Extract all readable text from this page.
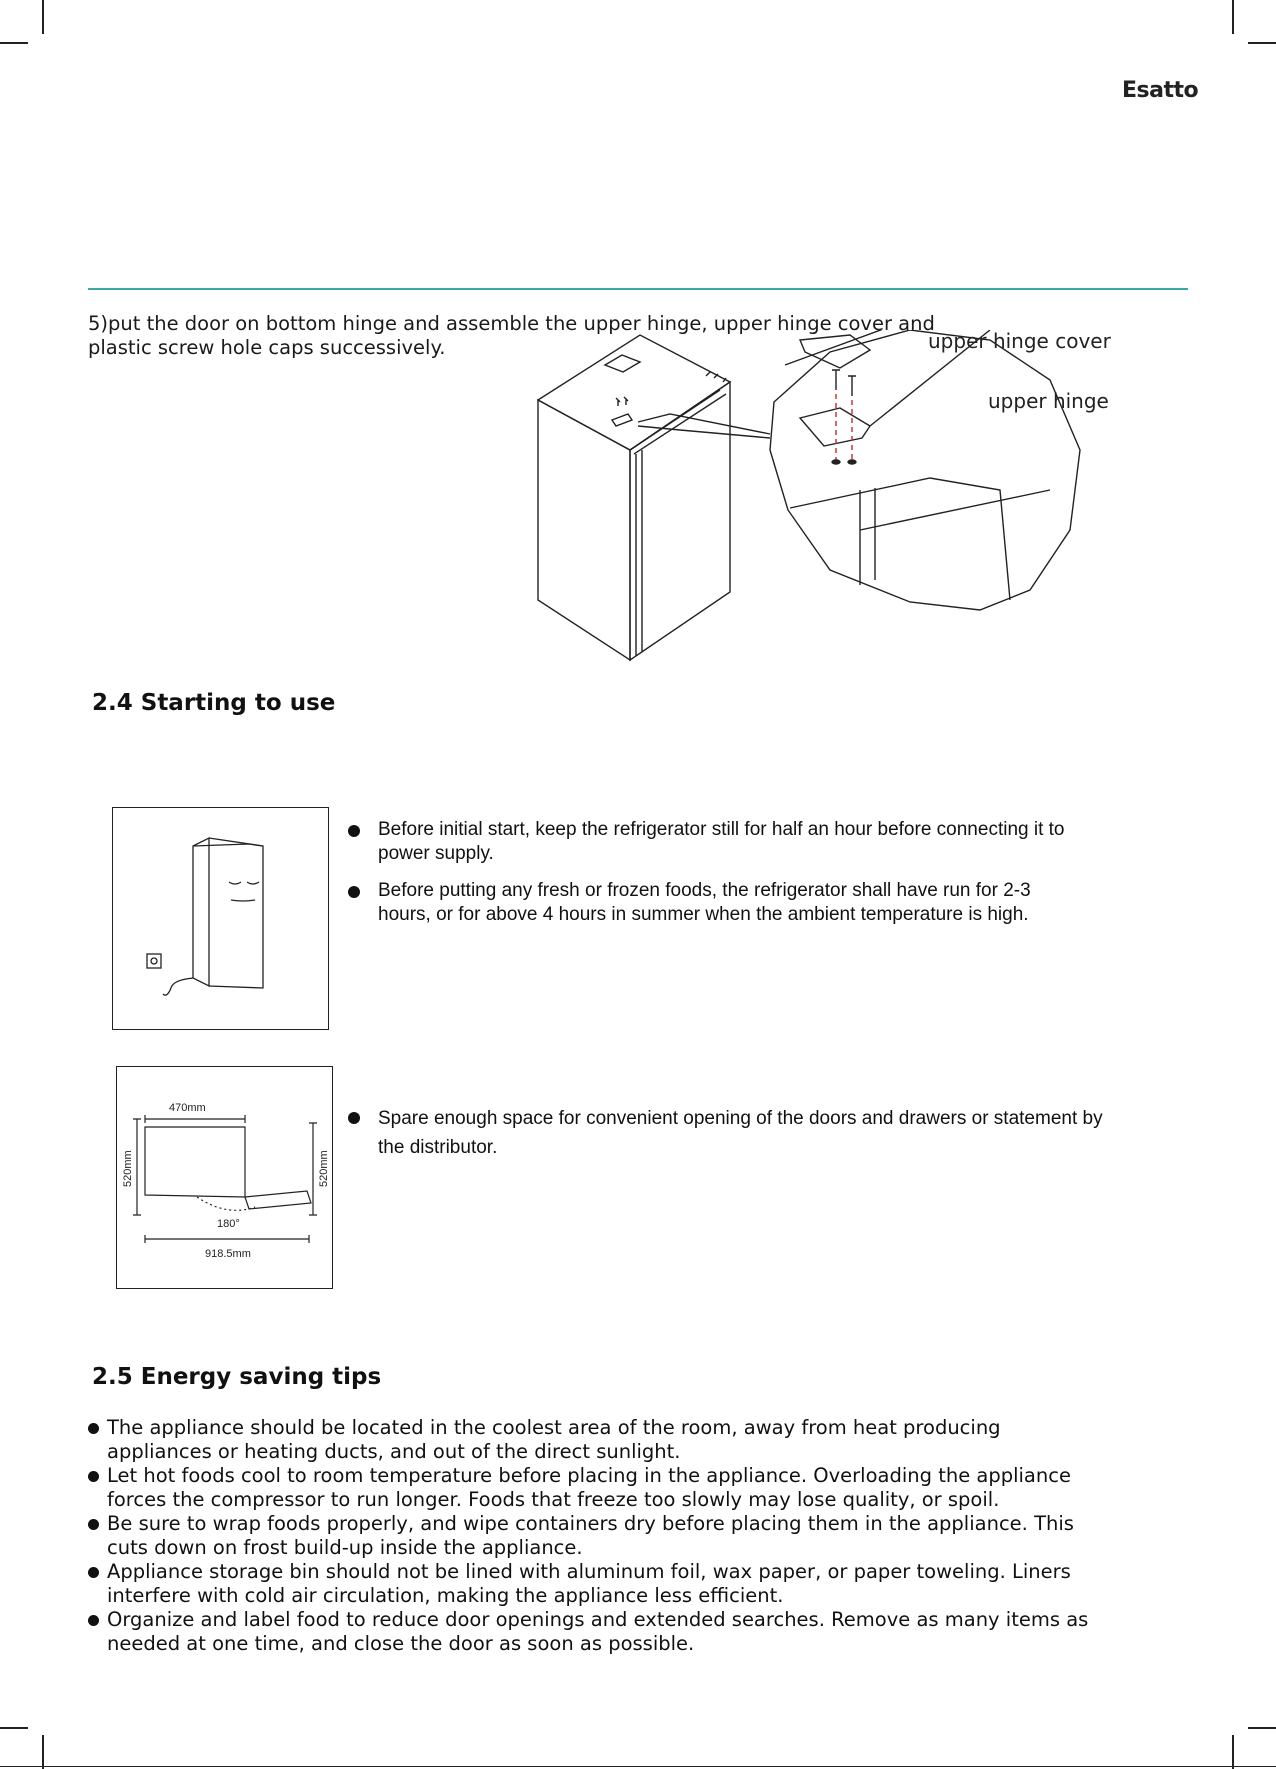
Esatto

5)put the door on bottom hinge and assemble the upper hinge, upper hinge cover and plastic screw hole caps successively.	upper hinge cover
upper hinge
2.4 Starting to use
Before initial start, keep the refrigerator still for half an hour before connecting it to power supply.
Before putting any fresh or frozen foods, the refrigerator shall have run for 2-3 hours, or for above 4 hours in summer when the ambient temperature is high.
470mm
520mm	520mm
180°
918.5mm
Spare enough space for convenient opening of the doors and drawers or statement by the distributor.
2.5 Energy saving tips
The appliance should be located in the coolest area of the room, away from heat producing appliances or heating ducts, and out of the direct sunlight.
Let hot foods cool to room temperature before placing in the appliance. Overloading the appliance forces the compressor to run longer. Foods that freeze too slowly may lose quality, or spoil.
Be sure to wrap foods properly, and wipe containers dry before placing them in the appliance. This cuts down on frost build-up inside the appliance.
Appliance storage bin should not be lined with aluminum foil, wax paper, or paper toweling. Liners interfere with cold air circulation, making the appliance less efficient.
Organize and label food to reduce door openings and extended searches. Remove as many items as needed at one time, and close the door as soon as possible.
